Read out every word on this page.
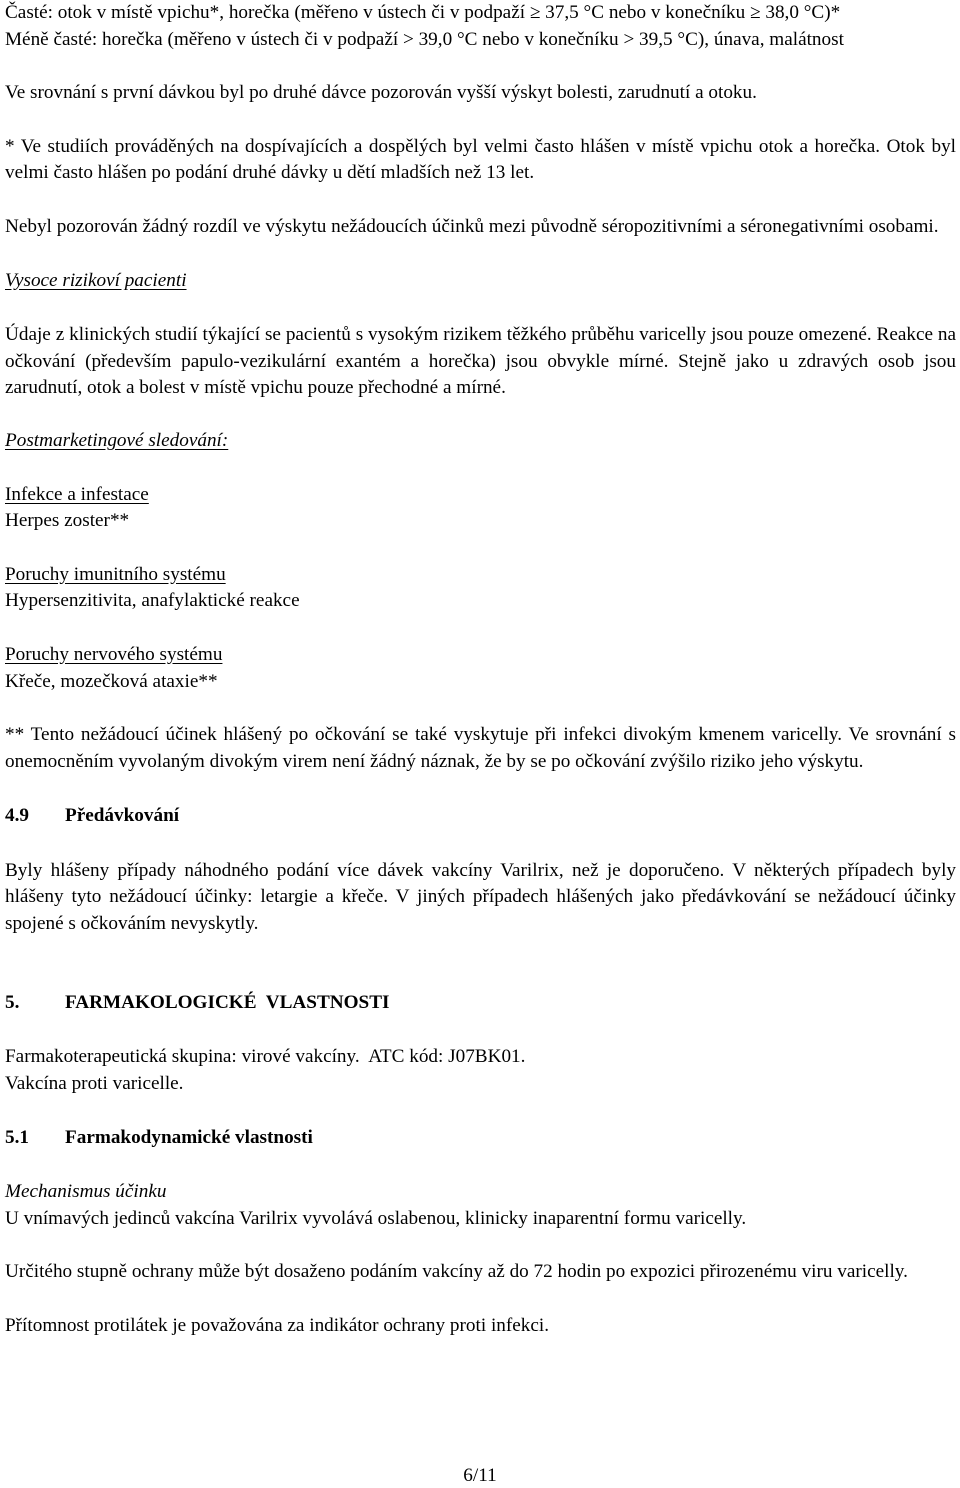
Časté: otok v místě vpichu*, horečka (měřeno v ústech či v podpaží ≥ 37,5 °C nebo v konečníku ≥ 38,0 °C)*

Méně časté: horečka (měřeno v ústech či v podpaží > 39,0 °C nebo v konečníku > 39,5 °C), únava, malátnost

Ve srovnání s první dávkou byl po druhé dávce pozorován vyšší výskyt bolesti, zarudnutí a otoku.

* Ve studiích prováděných na dospívajících a dospělých byl velmi často hlášen v místě vpichu otok a horečka. Otok byl velmi často hlášen po podání druhé dávky u dětí mladších než 13 let.

Nebyl pozorován žádný rozdíl ve výskytu nežádoucích účinků mezi původně séropozitivními a séronegativními osobami.

Vysoce rizikoví pacienti

Údaje z klinických studií týkající se pacientů s vysokým rizikem těžkého průběhu varicelly jsou pouze omezené. Reakce na očkování (především papulo-vezikulární exantém a horečka) jsou obvykle mírné. Stejně jako u zdravých osob jsou zarudnutí, otok a bolest v místě vpichu pouze přechodné a mírné.

Postmarketingové sledování:

Infekce a infestace

Herpes zoster**

Poruchy imunitního systému

Hypersenzitivita, anafylaktické reakce

Poruchy nervového systému

Křeče, mozečková ataxie**

** Tento nežádoucí účinek hlášený po očkování se také vyskytuje při infekci divokým kmenem varicelly. Ve srovnání s onemocněním vyvolaným divokým virem není žádný náznak, že by se po očkování zvýšilo riziko jeho výskytu.

4.9 Předávkování

Byly hlášeny případy náhodného podání více dávek vakcíny Varilrix, než je doporučeno. V některých případech byly hlášeny tyto nežádoucí účinky: letargie a křeče. V jiných případech hlášených jako předávkování se nežádoucí účinky spojené s očkováním nevyskytly.

5. FARMAKOLOGICKÉ  VLASTNOSTI

Farmakoterapeutická skupina: virové vakcíny.  ATC kód: J07BK01.

Vakcína proti varicelle.

5.1 Farmakodynamické vlastnosti

Mechanismus účinku

U vnímavých jedinců vakcína Varilrix vyvolává oslabenou, klinicky inaparentní formu varicelly.

Určitého stupně ochrany může být dosaženo podáním vakcíny až do 72 hodin po expozici přirozenému viru varicelly.

Přítomnost protilátek je považována za indikátor ochrany proti infekci.

6/11
